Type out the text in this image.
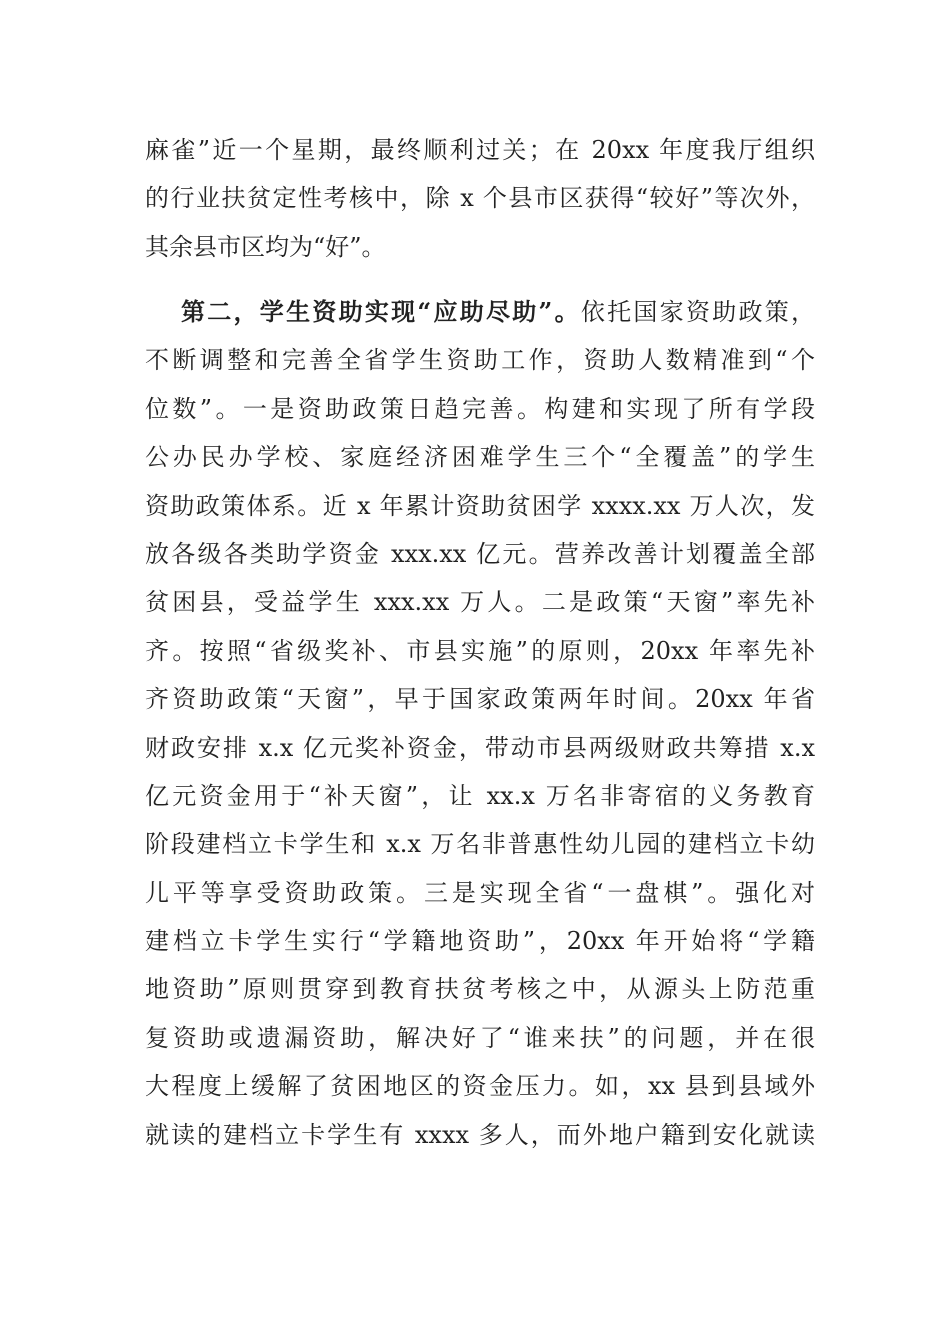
麻雀”近一个星期，最终顺利过关；在 20xx 年度我厅组织
的行业扶贫定性考核中，除 x 个县市区获得“较好”等次外，
其余县市区均为“好”。
第二，学生资助实现“应助尽助”。依托国家资助政策，
不断调整和完善全省学生资助工作，资助人数精准到“个
位数”。一是资助政策日趋完善。构建和实现了所有学段
公办民办学校、家庭经济困难学生三个“全覆盖”的学生
资助政策体系。近 x 年累计资助贫困学 xxxx.xx 万人次，发
放各级各类助学资金 xxx.xx 亿元。营养改善计划覆盖全部
贫困县，受益学生 xxx.xx 万人。二是政策“天窗”率先补
齐。按照“省级奖补、市县实施”的原则，20xx 年率先补
齐资助政策“天窗”，早于国家政策两年时间。20xx 年省
财政安排 x.x 亿元奖补资金，带动市县两级财政共筹措 x.x
亿元资金用于“补天窗”，让 xx.x 万名非寄宿的义务教育
阶段建档立卡学生和 x.x 万名非普惠性幼儿园的建档立卡幼
儿平等享受资助政策。三是实现全省“一盘棋”。强化对
建档立卡学生实行“学籍地资助”，20xx 年开始将“学籍
地资助”原则贯穿到教育扶贫考核之中，从源头上防范重
复资助或遗漏资助，解决好了“谁来扶”的问题，并在很
大程度上缓解了贫困地区的资金压力。如，xx 县到县域外
就读的建档立卡学生有 xxxx 多人，而外地户籍到安化就读
